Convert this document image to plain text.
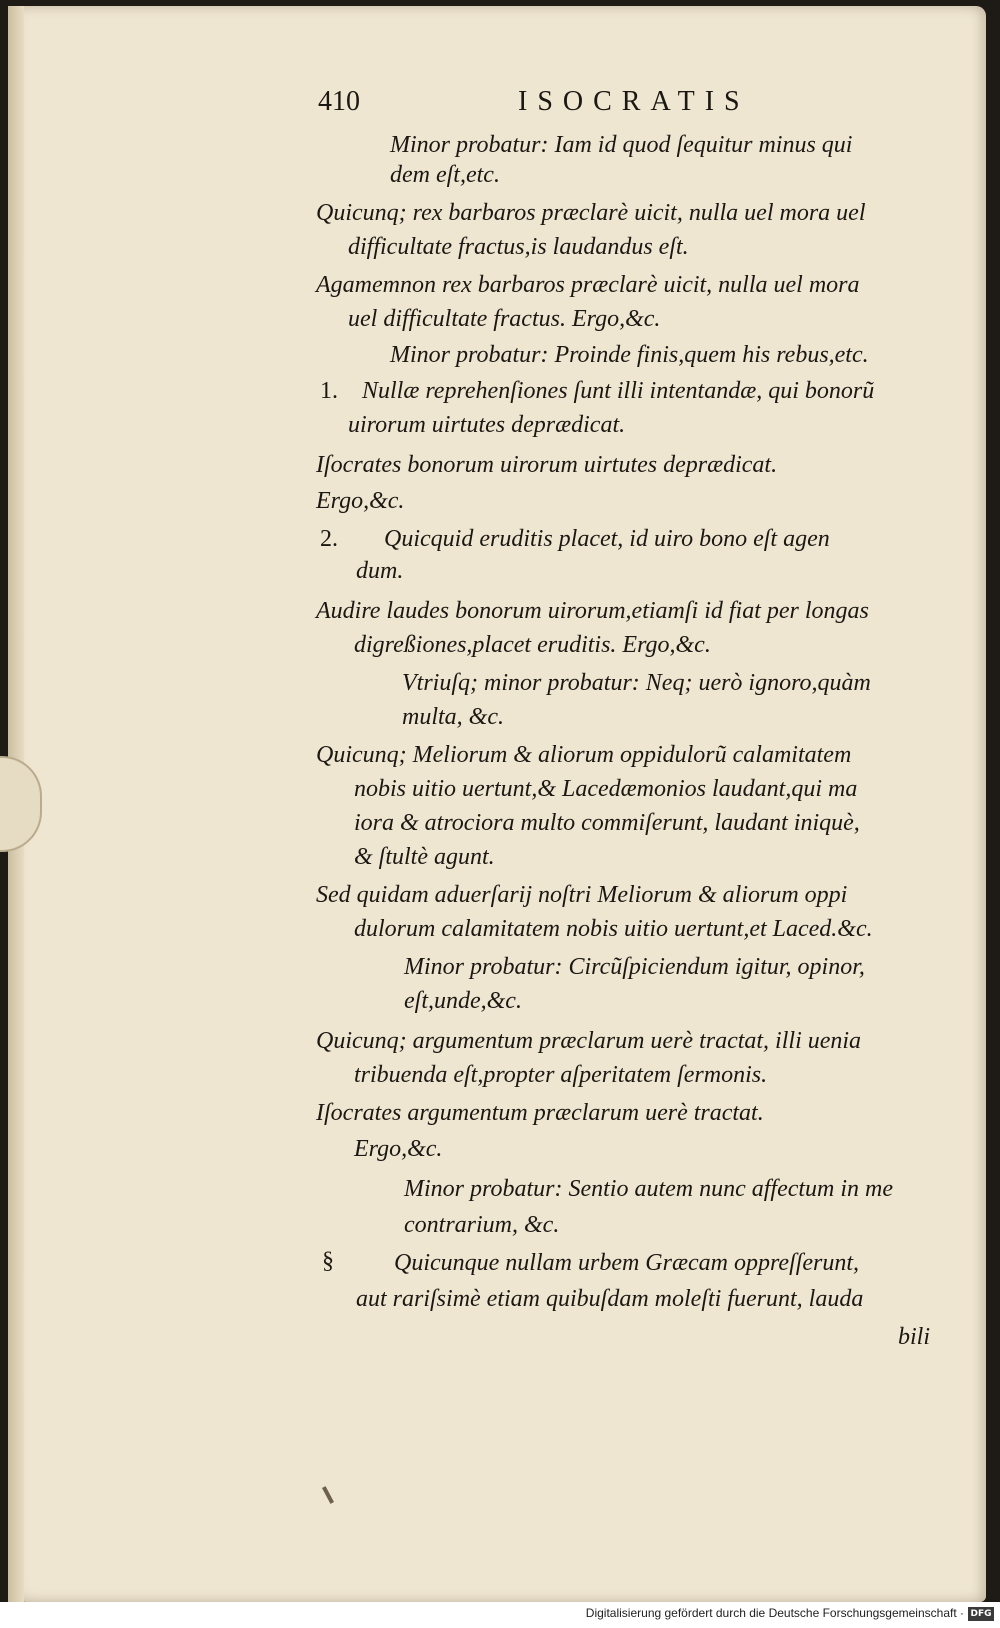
410	ISOCRATIS
Minor probatur: Iam id quod ſequitur minus qui
dem eſt,etc.
Quicunq; rex barbaros præclarè uicit, nulla uel mora uel
difficultate fractus,is laudandus eſt.
Agamemnon rex barbaros præclarè uicit, nulla uel mora
uel difficultate fractus. Ergo,&c.
Minor probatur: Proinde finis,quem his rebus,etc.
1. Nullæ reprehenſiones ſunt illi intentandæ, qui bonorũ
uirorum uirtutes deprædicat.
Iſocrates bonorum uirorum uirtutes deprædicat.
Ergo,&c.
2. Quicquid eruditis placet, id uiro bono eſt agen
dum.
Audire laudes bonorum uirorum,etiamſi id fiat per longas
digreßiones,placet eruditis. Ergo,&c.
Vtriuſq; minor probatur: Neq; uerò ignoro,quàm
multa, &c.
Quicunq; Meliorum & aliorum oppidulorũ calamitatem
nobis uitio uertunt,& Lacedæmonios laudant,qui ma
iora & atrociora multo commiſerunt, laudant iniquè,
& ſtultè agunt.
Sed quidam aduerſarij noſtri Meliorum & aliorum oppi
dulorum calamitatem nobis uitio uertunt,et Laced.&c.
Minor probatur: Circũſpiciendum igitur, opinor,
eſt,unde,&c.
Quicunq; argumentum præclarum uerè tractat, illi uenia
tribuenda eſt,propter aſperitatem ſermonis.
Iſocrates argumentum præclarum uerè tractat.
Ergo,&c.
Minor probatur: Sentio autem nunc affectum in me
contrarium, &c.
§	Quicunque nullam urbem Græcam oppreſſerunt,
aut rariſsimè etiam quibuſdam moleſti fuerunt, lauda
bili
Digitalisierung gefördert durch die Deutsche Forschungsgemeinschaft · DFG
